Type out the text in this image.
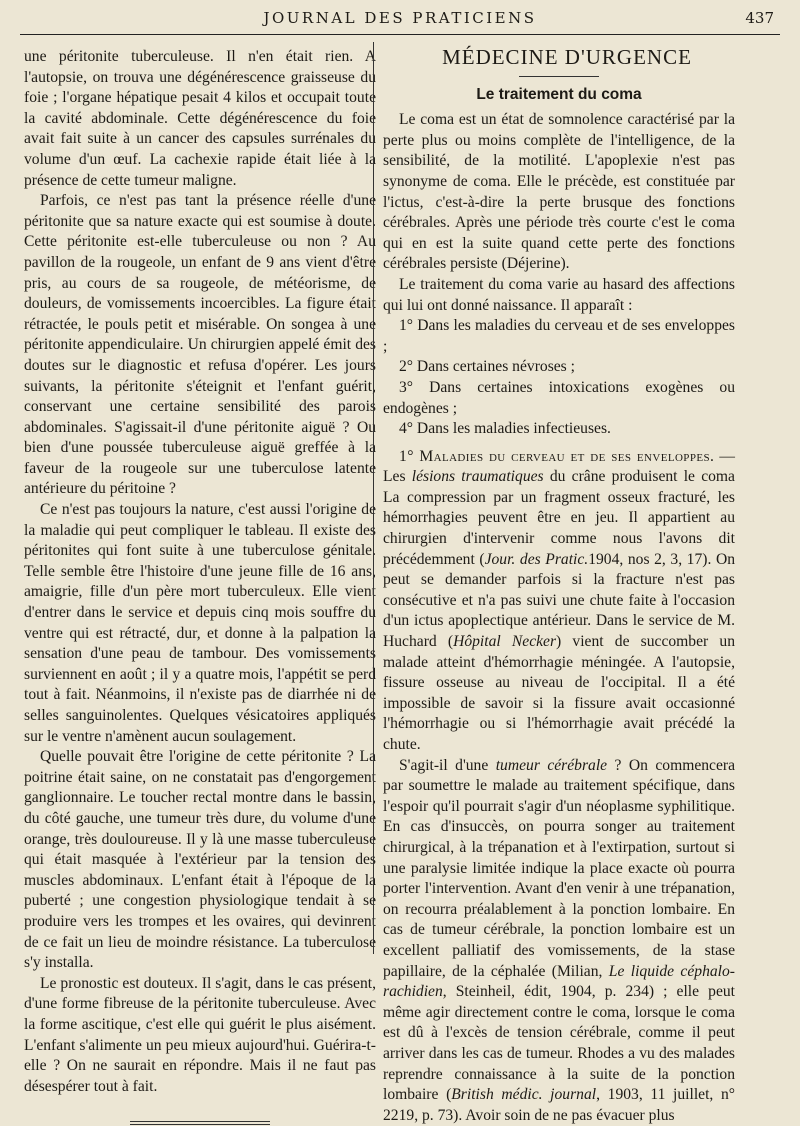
JOURNAL DES PRATICIENS	437

une péritonite tuberculeuse. Il n'en était rien. A l'autopsie, on trouva une dégénérescence graisseuse du foie ; l'organe hépatique pesait 4 kilos et occupait toute la cavité abdominale. Cette dégénérescence du foie avait fait suite à un cancer des capsules surrénales du volume d'un œuf. La cachexie rapide était liée à la présence de cette tumeur maligne.

Parfois, ce n'est pas tant la présence réelle d'une péritonite que sa nature exacte qui est soumise à doute. Cette péritonite est-elle tuberculeuse ou non ? Au pavillon de la rougeole, un enfant de 9 ans vient d'être pris, au cours de sa rougeole, de météorisme, de douleurs, de vomissements incoercibles. La figure était rétractée, le pouls petit et misérable. On songea à une péritonite appendiculaire. Un chirurgien appelé émit des doutes sur le diagnostic et refusa d'opérer. Les jours suivants, la péritonite s'éteignit et l'enfant guérit, conservant une certaine sensibilité des parois abdominales. S'agissait-il d'une péritonite aiguë ? Ou bien d'une poussée tuberculeuse aiguë greffée à la faveur de la rougeole sur une tuberculose latente antérieure du péritoine ?

Ce n'est pas toujours la nature, c'est aussi l'origine de la maladie qui peut compliquer le tableau. Il existe des péritonites qui font suite à une tuberculose génitale. Telle semble être l'histoire d'une jeune fille de 16 ans, amaigrie, fille d'un père mort tuberculeux. Elle vient d'entrer dans le service et depuis cinq mois souffre du ventre qui est rétracté, dur, et donne à la palpation la sensation d'une peau de tambour. Des vomissements surviennent en août ; il y a quatre mois, l'appétit se perd tout à fait. Néanmoins, il n'existe pas de diarrhée ni de selles sanguinolentes. Quelques vésicatoires appliqués sur le ventre n'amènent aucun soulagement.

Quelle pouvait être l'origine de cette péritonite ? La poitrine était saine, on ne constatait pas d'engorgement ganglionnaire. Le toucher rectal montre dans le bassin, du côté gauche, une tumeur très dure, du volume d'une orange, très douloureuse. Il y là une masse tuberculeuse qui était masquée à l'extérieur par la tension des muscles abdominaux. L'enfant était à l'époque de la puberté ; une congestion physiologique tendait à se produire vers les trompes et les ovaires, qui devinrent de ce fait un lieu de moindre résistance. La tuberculose s'y installa.

Le pronostic est douteux. Il s'agit, dans le cas présent, d'une forme fibreuse de la péritonite tuberculeuse. Avec la forme ascitique, c'est elle qui guérit le plus aisément. L'enfant s'alimente un peu mieux aujourd'hui. Guérira-t-elle ? On ne saurait en répondre. Mais il ne faut pas désespérer tout à fait.

MÉDECINE D'URGENCE

Le traitement du coma

Le coma est un état de somnolence caractérisé par la perte plus ou moins complète de l'intelligence, de la sensibilité, de la motilité. L'apoplexie n'est pas synonyme de coma. Elle le précède, est constituée par l'ictus, c'est-à-dire la perte brusque des fonctions cérébrales. Après une période très courte c'est le coma qui en est la suite quand cette perte des fonctions cérébrales persiste (Déjerine).

Le traitement du coma varie au hasard des affections qui lui ont donné naissance. Il apparaît :

1° Dans les maladies du cerveau et de ses enveloppes ;

2° Dans certaines névroses ;

3° Dans certaines intoxications exogènes ou endogènes ;

4° Dans les maladies infectieuses.

1° Maladies du cerveau et de ses enveloppes. — Les lésions traumatiques du crâne produisent le coma La compression par un fragment osseux fracturé, les hémorrhagies peuvent être en jeu. Il appartient au chirurgien d'intervenir comme nous l'avons dit précédemment (Jour. des Pratic.1904, nos 2, 3, 17). On peut se demander parfois si la fracture n'est pas consécutive et n'a pas suivi une chute faite à l'occasion d'un ictus apoplectique antérieur. Dans le service de M. Huchard (Hôpital Necker) vient de succomber un malade atteint d'hémorrhagie méningée. A l'autopsie, fissure osseuse au niveau de l'occipital. Il a été impossible de savoir si la fissure avait occasionné l'hémorrhagie ou si l'hémorrhagie avait précédé la chute.

S'agit-il d'une tumeur cérébrale ? On commencera par soumettre le malade au traitement spécifique, dans l'espoir qu'il pourrait s'agir d'un néoplasme syphilitique. En cas d'insuccès, on pourra songer au traitement chirurgical, à la trépanation et à l'extirpation, surtout si une paralysie limitée indique la place exacte où pourra porter l'intervention. Avant d'en venir à une trépanation, on recourra préalablement à la ponction lombaire. En cas de tumeur cérébrale, la ponction lombaire est un excellent palliatif des vomissements, de la stase papillaire, de la céphalée (Milian, Le liquide céphalo-rachidien, Steinheil, édit, 1904, p. 234) ; elle peut même agir directement contre le coma, lorsque le coma est dû à l'excès de tension cérébrale, comme il peut arriver dans les cas de tumeur. Rhodes a vu des malades reprendre connaissance à la suite de la ponction lombaire (British médic. journal, 1903, 11 juillet, n° 2219, p. 73). Avoir soin de ne pas évacuer plus
